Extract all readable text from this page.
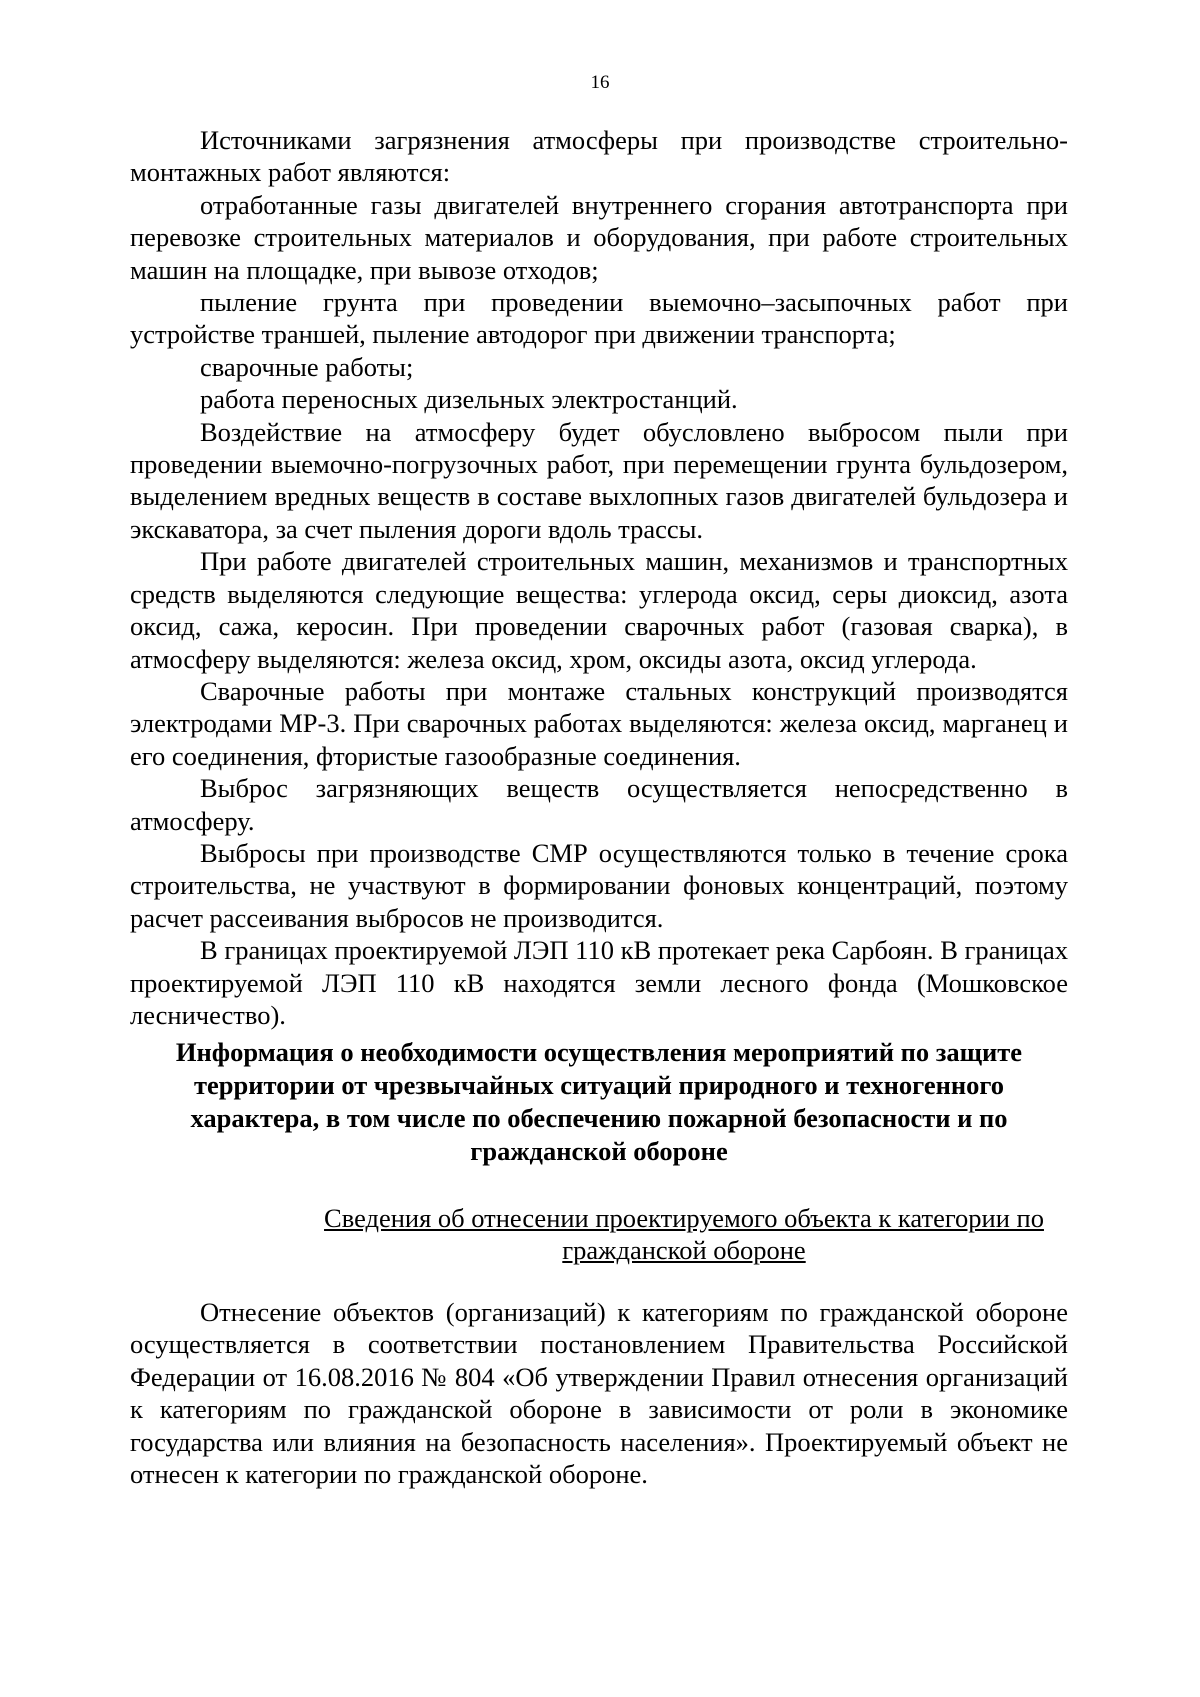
16

Источниками загрязнения атмосферы при производстве строительно-монтажных работ являются:

отработанные газы двигателей внутреннего сгорания автотранспорта при перевозке строительных материалов и оборудования, при работе строительных машин на площадке, при вывозе отходов;

пыление грунта при проведении выемочно–засыпочных работ при устройстве траншей, пыление автодорог при движении транспорта;

сварочные работы;

работа переносных дизельных электростанций.

Воздействие на атмосферу будет обусловлено выбросом пыли при проведении выемочно-погрузочных работ, при перемещении грунта бульдозером, выделением вредных веществ в составе выхлопных газов двигателей бульдозера и экскаватора, за счет пыления дороги вдоль трассы.

При работе двигателей строительных машин, механизмов и транспортных средств выделяются следующие вещества: углерода оксид, серы диоксид, азота оксид, сажа, керосин. При проведении сварочных работ (газовая сварка), в атмосферу выделяются: железа оксид, хром, оксиды азота, оксид углерода.

Сварочные работы при монтаже стальных конструкций производятся электродами МР-3. При сварочных работах выделяются: железа оксид, марганец и его соединения, фтористые газообразные соединения.

Выброс загрязняющих веществ осуществляется непосредственно в атмосферу.

Выбросы при производстве СМР осуществляются только в течение срока строительства, не участвуют в формировании фоновых концентраций, поэтому расчет рассеивания выбросов не производится.

В границах проектируемой ЛЭП 110 кВ протекает река Сарбоян. В границах проектируемой ЛЭП 110 кВ находятся земли лесного фонда (Мошковское лесничество).

Информация о необходимости осуществления мероприятий по защите территории от чрезвычайных ситуаций природного и техногенного характера, в том числе по обеспечению пожарной безопасности и по гражданской обороне
Сведения об отнесении проектируемого объекта к категории по гражданской обороне

Отнесение объектов (организаций) к категориям по гражданской обороне осуществляется в соответствии постановлением Правительства Российской Федерации от 16.08.2016 № 804 «Об утверждении Правил отнесения организаций к категориям по гражданской обороне в зависимости от роли в экономике государства или влияния на безопасность населения». Проектируемый объект не отнесен к категории по гражданской обороне.
